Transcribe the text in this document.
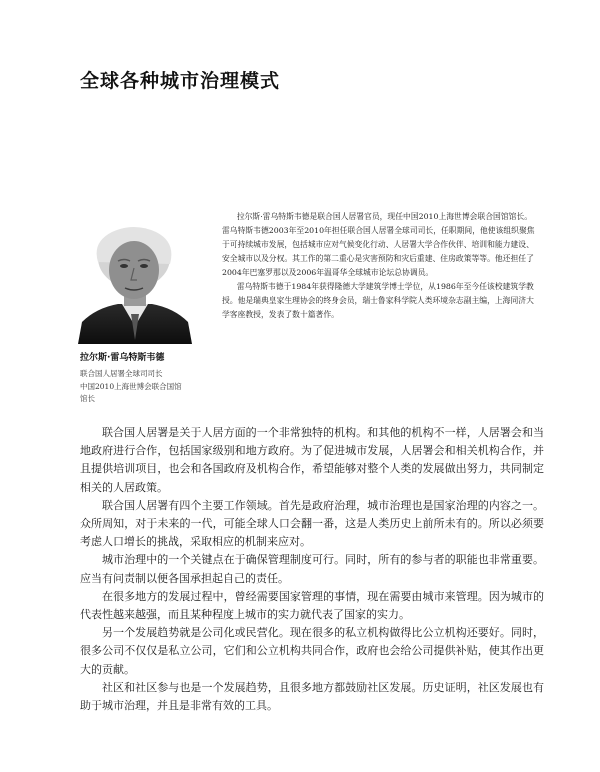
全球各种城市治理模式

拉尔斯·雷乌特斯韦德是联合国人居署官员，现任中国2010上海世博会联合国馆馆长。雷乌特斯韦德2003年至2010年担任联合国人居署全球司司长，任职期间，他使该组织聚焦于可持续城市发展，包括城市应对气候变化行动、人居署大学合作伙伴、培训和能力建设、安全城市以及分权。其工作的第二重心是灾害预防和灾后重建、住房政策等等。他还担任了2004年巴塞罗那以及2006年温哥华全球城市论坛总协调员。

雷乌特斯韦德于1984年获得隆德大学建筑学博士学位，从1986年至今任该校建筑学教授。他是瑞典皇家生理协会的终身会员，瑞士鲁家科学院人类环境杂志副主编，上海同济大学客座教授，发表了数十篇著作。

拉尔斯·雷乌特斯韦德
联合国人居署全球司司长
中国2010上海世博会联合国馆
馆长

联合国人居署是关于人居方面的一个非常独特的机构。和其他的机构不一样，人居署会和当地政府进行合作，包括国家级别和地方政府。为了促进城市发展，人居署会和相关机构合作，并且提供培训项目，也会和各国政府及机构合作，希望能够对整个人类的发展做出努力，共同制定相关的人居政策。

联合国人居署有四个主要工作领域。首先是政府治理，城市治理也是国家治理的内容之一。众所周知，对于未来的一代，可能全球人口会翻一番，这是人类历史上前所未有的。所以必须要考虑人口增长的挑战，采取相应的机制来应对。

城市治理中的一个关键点在于确保管理制度可行。同时，所有的参与者的职能也非常重要。应当有问责制以便各国承担起自己的责任。

在很多地方的发展过程中，曾经需要国家管理的事情，现在需要由城市来管理。因为城市的代表性越来越强，而且某种程度上城市的实力就代表了国家的实力。

另一个发展趋势就是公司化或民营化。现在很多的私立机构做得比公立机构还要好。同时，很多公司不仅仅是私立公司，它们和公立机构共同合作，政府也会给公司提供补贴，使其作出更大的贡献。

社区和社区参与也是一个发展趋势，且很多地方都鼓励社区发展。历史证明，社区发展也有助于城市治理，并且是非常有效的工具。
